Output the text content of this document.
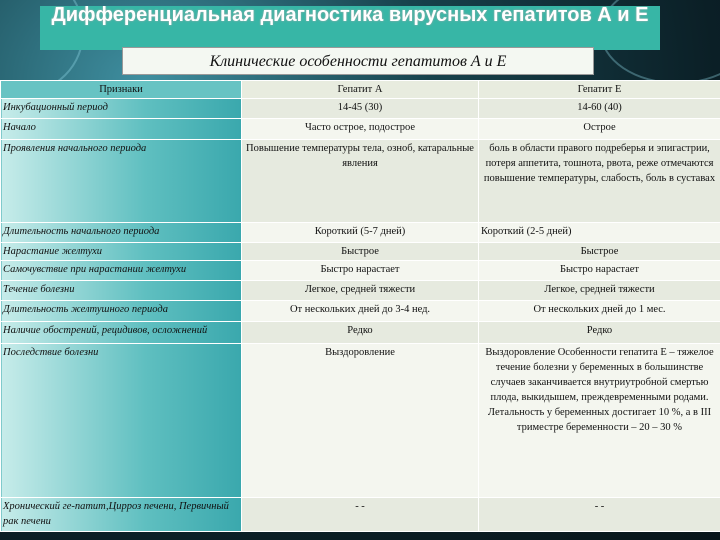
Дифференциальная диагностика вирусных гепатитов А и Е
Клинические особенности гепатитов А и Е
Признаки	Гепатит А	Гепатит Е
Инкубационный период	14-45 (30)	14-60 (40)
Начало	Часто острое, подострое	Острое
Проявления начального периода	Повышение температуры тела, озноб, катаральные явления	боль в области правого подреберья и эпигастрии, потеря аппетита, тошнота, рвота, реже отмечаются повышение температуры, слабость, боль в суставах
Длительность начального периода	Короткий (5-7 дней)	Короткий (2-5 дней)
Нарастание желтухи	Быстрое	Быстрое
Самочувствие при нарастании желтухи	Быстро нарастает	Быстро нарастает
Течение болезни	Легкое, средней тяжести	Легкое, средней тяжести
Длительность желтушного периода	От нескольких дней до 3-4 нед.	От нескольких дней до 1 мес.
Наличие обострений, рецидивов, осложнений	Редко	Редко
Последствие болезни	Выздоровление	Выздоровление Особенности гепатита Е – тяжелое течение болезни у беременных в большинстве случаев заканчивается внутриутробной смертью плода, выкидышем, преждевременными родами. Летальность у беременных достигает 10 %, а в III триместре беременности – 20 – 30 %
Хронический ге-патит,Цирроз печени, Первичный рак печени	- -	- -
